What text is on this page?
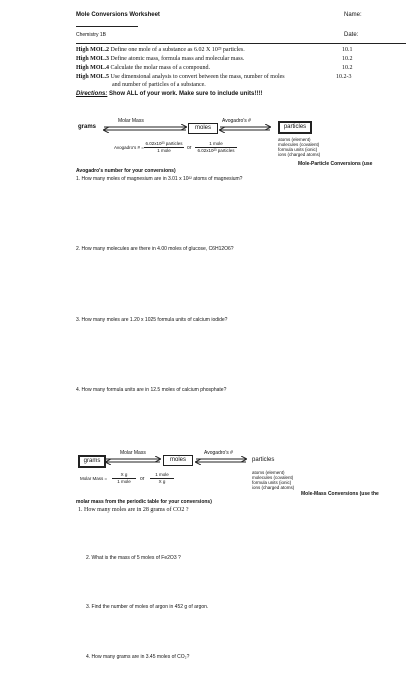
Mole Conversions Worksheet	Name:
Chemistry 1B	Date:
High MOL.2 Define one mole of a substance as 6.02 X 10²³ particles.	10.1
High MOL.3 Define atomic mass, formula mass and molecular mass.	10.2
High MOL.4 Calculate the molar mass of a compound.	10.2
High MOL.5 Use dimensional analysis to convert between the mass, number of moles	10.2-3
and number of particles of a substance.
Directions: Show ALL of your work. Make sure to include units!!!!
Molar Mass	Avogadro's #
grams	moles	particles
atoms (element)
molecules (covalent)
formula units (ionic)
ions (charged atoms)
Avogadro's # =
6.02x10²³ particles
1 mole	or
1 mole
6.02x10²³ particles
Mole-Particle Conversions (use
Avogadro's number for your conversions)
1. How many moles of magnesium are in 3.01 x 10²² atoms of magnesium?
2. How many molecules are there in 4.00 moles of glucose, C6H12O6?
3. How many moles are 1.20 x 1025 formula units of calcium iodide?
4. How many formula units are in 12.5 moles of calcium phosphate?
Molar Mass	Avogadro's #
grams	moles	particles
atoms (element)
molecules (covalent)
formula units (ionic)
ions (charged atoms)
Molar Mass =
X g
1 mole	or
1 mole
X g
Mole-Mass Conversions (use the
molar mass from the periodic table for your conversions)
1. How many moles are in 28 grams of CO2 ?
2. What is the mass of 5 moles of Fe2O3 ?
3. Find the number of moles of argon in 452 g of argon.
4. How many grams are in 3.45 moles of CO₂?
